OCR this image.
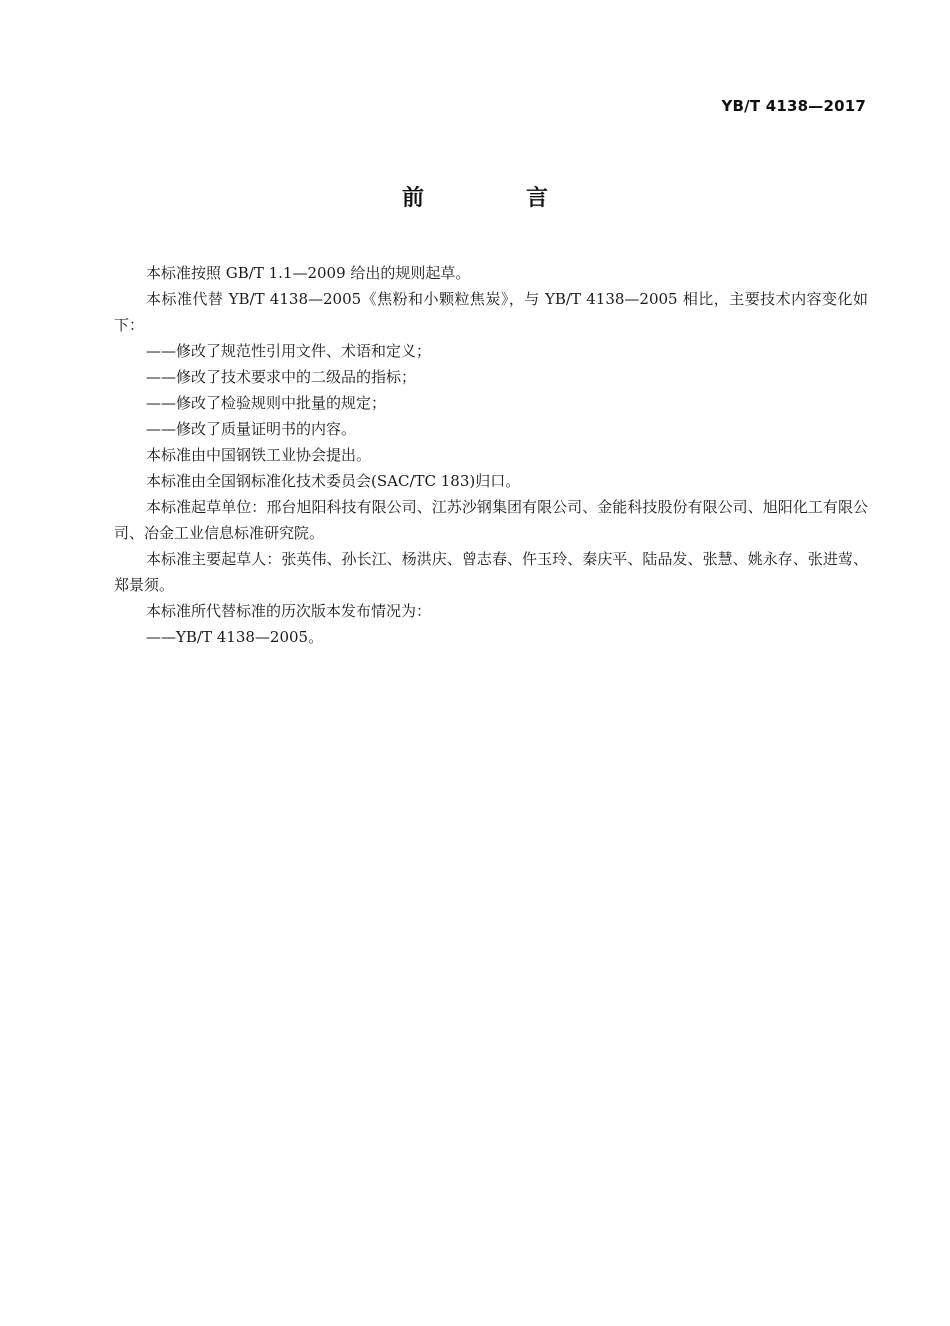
YB/T 4138—2017
前　言

本标准按照 GB/T 1.1—2009 给出的规则起草。

本标准代替 YB/T 4138—2005《焦粉和小颗粒焦炭》，与 YB/T 4138—2005 相比，主要技术内容变化如下：

——修改了规范性引用文件、术语和定义；

——修改了技术要求中的二级品的指标；

——修改了检验规则中批量的规定；

——修改了质量证明书的内容。

本标准由中国钢铁工业协会提出。

本标准由全国钢标准化技术委员会(SAC/TC 183)归口。

本标准起草单位：邢台旭阳科技有限公司、江苏沙钢集团有限公司、金能科技股份有限公司、旭阳化工有限公司、冶金工业信息标准研究院。

本标准主要起草人：张英伟、孙长江、杨洪庆、曾志春、仵玉玲、秦庆平、陆品发、张慧、姚永存、张进莺、郑景须。

本标准所代替标准的历次版本发布情况为：

——YB/T 4138—2005。
